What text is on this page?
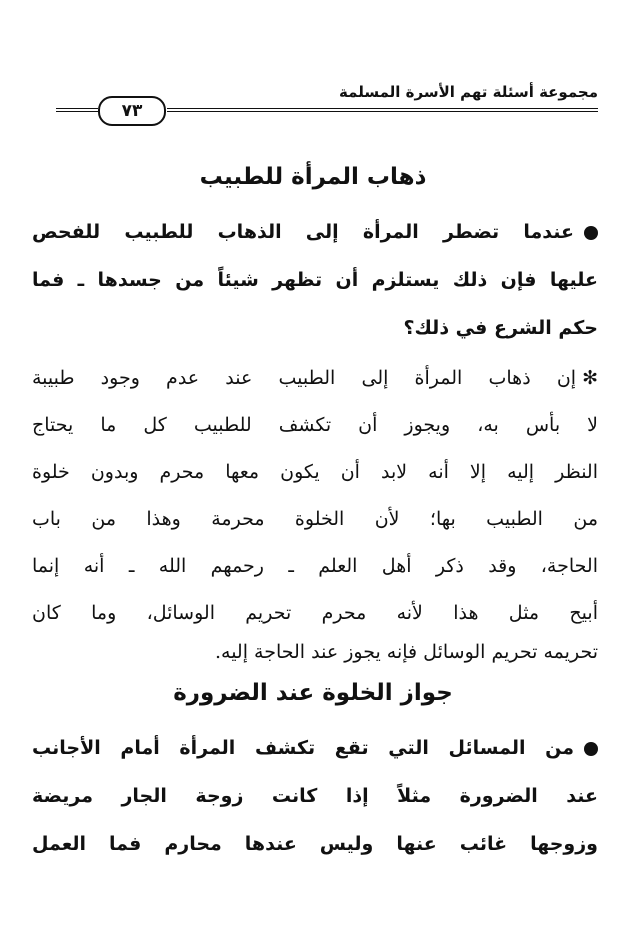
مجموعة أسئلة تهم الأسرة المسلمة
٧٣
ذهاب المرأة للطبيب
عندما تضطر المرأة إلى الذهاب للطبيب للفحص
عليها فإن ذلك يستلزم أن تظهر شيئاً من جسدها ـ فما
حكم الشرع في ذلك؟
✻إن ذهاب المرأة إلى الطبيب عند عدم وجود طبيبة
لا بأس به، ويجوز أن تكشف للطبيب كل ما يحتاج
النظر إليه إلا أنه لابد أن يكون معها محرم وبدون خلوة
من الطبيب بها؛ لأن الخلوة محرمة وهذا من باب
الحاجة، وقد ذكر أهل العلم ـ رحمهم الله ـ أنه إنما
أبيح مثل هذا لأنه محرم تحريم الوسائل، وما كان
تحريمه تحريم الوسائل فإنه يجوز عند الحاجة إليه.
جواز الخلوة عند الضرورة
من المسائل التي تقع تكشف المرأة أمام الأجانب
عند الضرورة مثلاً إذا كانت زوجة الجار مريضة
وزوجها غائب عنها وليس عندها محارم فما العمل
